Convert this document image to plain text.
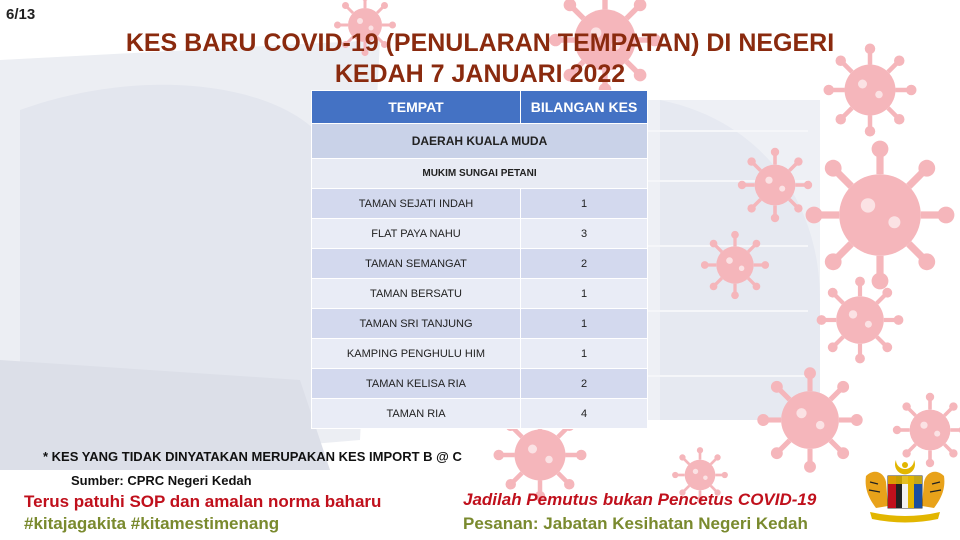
6/13
KES BARU COVID-19 (PENULARAN TEMPATAN) DI NEGERI
KEDAH 7 JANUARI 2022
TEMPAT	BILANGAN KES
DAERAH KUALA MUDA	
MUKIM SUNGAI PETANI	
TAMAN SEJATI INDAH	1
FLAT PAYA NAHU	3
TAMAN SEMANGAT	2
TAMAN BERSATU	1
TAMAN SRI TANJUNG	1
KAMPING PENGHULU HIM	1
TAMAN KELISA RIA	2
TAMAN RIA	4
* KES YANG TIDAK DINYATAKAN MERUPAKAN KES IMPORT B @ C
Sumber: CPRC Negeri Kedah
Terus patuhi SOP dan amalan norma baharu
#kitajagakita #kitamestimenang
Jadilah Pemutus bukan Pencetus COVID-19
Pesanan: Jabatan Kesihatan Negeri Kedah
